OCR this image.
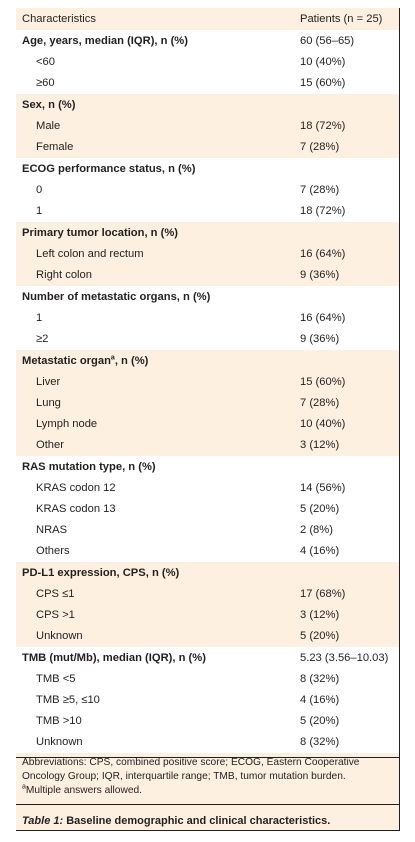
Characteristics	Patients (n = 25)
Age, years, median (IQR), n (%)	60 (56–65)
<60	10 (40%)
≥60	15 (60%)
Sex, n (%)
Male	18 (72%)
Female	7 (28%)
ECOG performance status, n (%)
0	7 (28%)
1	18 (72%)
Primary tumor location, n (%)
Left colon and rectum	16 (64%)
Right colon	9 (36%)
Number of metastatic organs, n (%)
1	16 (64%)
≥2	9 (36%)
Metastatic organ$^a$, n (%)
Liver	15 (60%)
Lung	7 (28%)
Lymph node	10 (40%)
Other	3 (12%)
RAS mutation type, n (%)
KRAS codon 12	14 (56%)
KRAS codon 13	5 (20%)
NRAS	2 (8%)
Others	4 (16%)
PD-L1 expression, CPS, n (%)
CPS ≤1	17 (68%)
CPS >1	3 (12%)
Unknown	5 (20%)
TMB (mut/Mb), median (IQR), n (%)	5.23 (3.56–10.03)
TMB <5	8 (32%)
TMB ≥5, ≤10	4 (16%)
TMB >10	5 (20%)
Unknown	8 (32%)

Abbreviations: CPS, combined positive score; ECOG, Eastern Cooperative Oncology Group; IQR, interquartile range; TMB, tumor mutation burden.

$^a$Multiple answers allowed.

Table 1: Baseline demographic and clinical characteristics.
